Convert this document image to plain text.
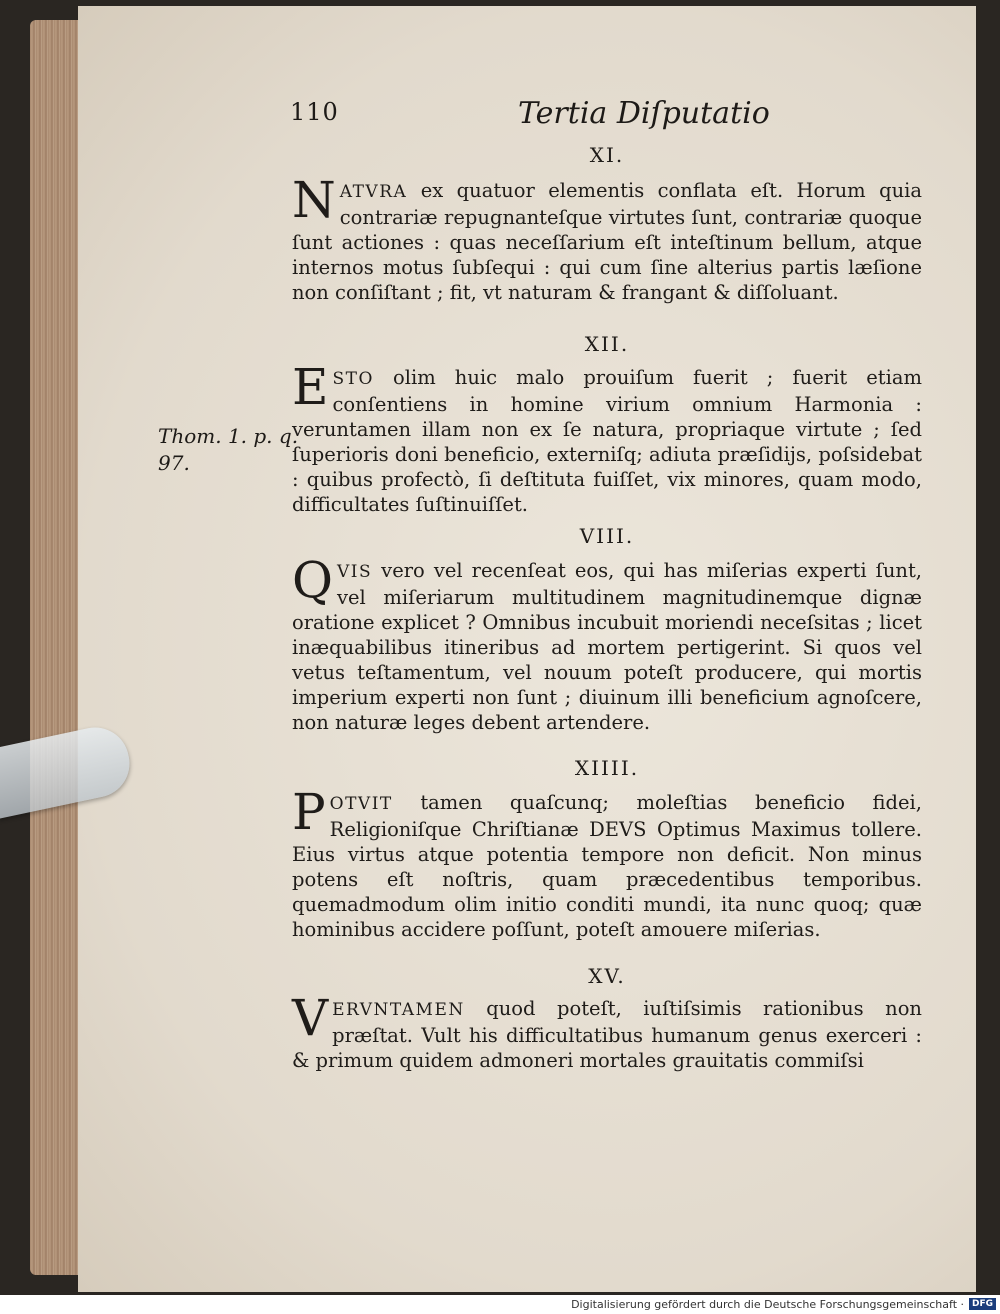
110	Tertia Diſputatio
XI.
NATVRA ex quatuor elementis conflata eſt. Horum quia contrariæ repugnanteſque virtutes ſunt, contrariæ quoque ſunt actiones : quas neceſſarium eſt inteſtinum bellum, atque internos motus ſubſequi : qui cum ſine alterius partis læſione non conſiſtant ; fit, vt naturam & frangant & diſſoluant.
XII.
ESTO olim huic malo prouiſum fuerit ; fuerit etiam conſentiens in homine virium omnium Harmonia : veruntamen illam non ex ſe natura, propriaque virtute ; ſed ſuperioris doni beneficio, externiſq; adiuta præſidijs, poſsidebat : quibus profectò, ſi deſtituta fuiſſet, vix minores, quam modo, difficultates ſuſtinuiſſet.
VIII.
QVIS vero vel recenſeat eos, qui has miſerias experti ſunt, vel miſeriarum multitudinem magnitudinemque dignæ oratione explicet ? Omnibus incubuit moriendi neceſsitas ; licet inæquabilibus itineribus ad mortem pertigerint. Si quos vel vetus teſtamentum, vel nouum poteſt producere, qui mortis imperium experti non ſunt ; diuinum illi beneficium agnoſcere, non naturæ leges debent artendere.
XIIII.
POTVIT tamen quaſcunq; moleſtias beneficio fidei, Religioniſque Chriſtianæ DEVS Optimus Maximus tollere. Eius virtus atque potentia tempore non deficit. Non minus potens eſt noſtris, quam præcedentibus temporibus. quemadmodum olim initio conditi mundi, ita nunc quoq; quæ hominibus accidere poſſunt, poteſt amouere miſerias.
XV.
VERVNTAMEN quod poteſt, iuſtiſsimis rationibus non præſtat. Vult his difficultatibus humanum genus exerceri : & primum quidem admoneri mortales grauitatis commiſsi
Thom. 1. p. q.
97.
Digitalisierung gefördert durch die Deutsche Forschungsgemeinschaft · DFG
